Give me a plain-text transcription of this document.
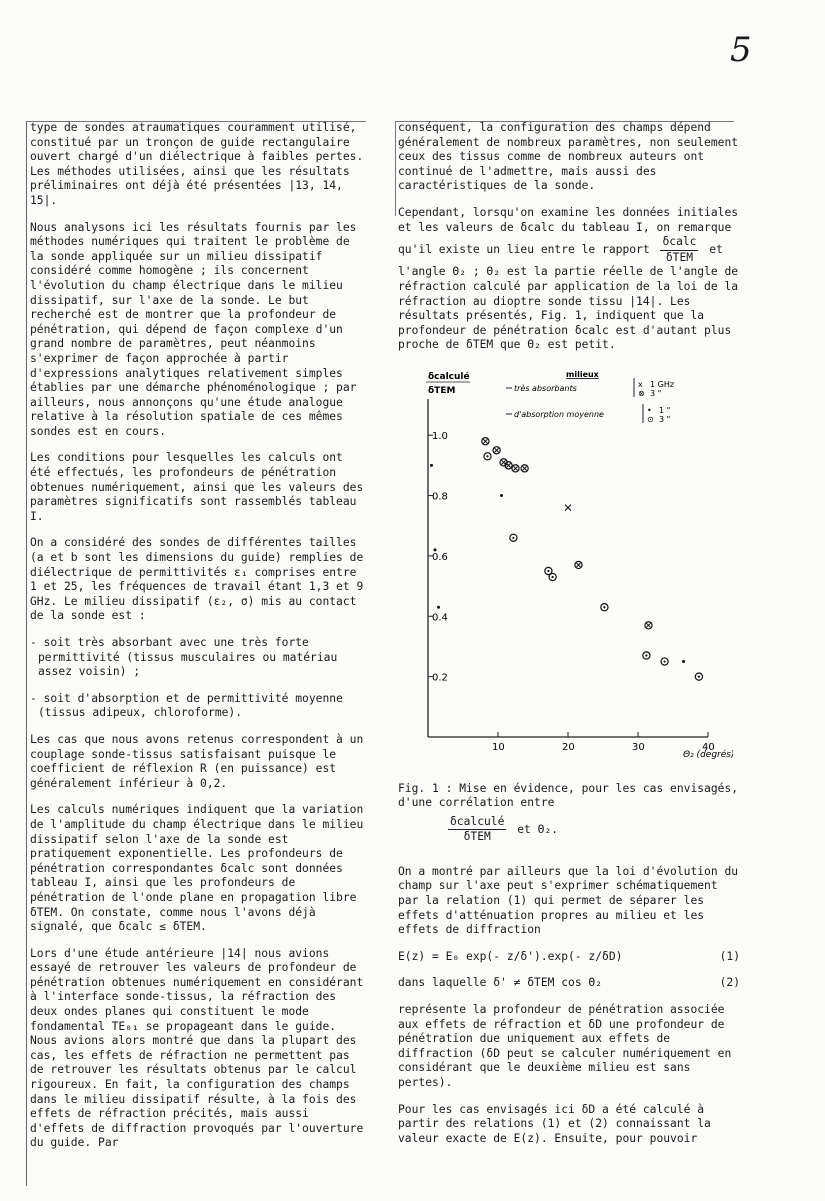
5

type de sondes atraumatiques couramment utilisé, constitué par un tronçon de guide rectangulaire ouvert chargé d'un diélectrique à faibles pertes. Les méthodes utilisées, ainsi que les résultats préliminaires ont déjà été présentées |13, 14, 15|.

Nous analysons ici les résultats fournis par les méthodes numériques qui traitent le problème de la sonde appliquée sur un milieu dissipatif considéré comme homogène ; ils concernent l'évolution du champ électrique dans le milieu dissipatif, sur l'axe de la sonde. Le but recherché est de montrer que la profondeur de pénétration, qui dépend de façon complexe d'un grand nombre de paramètres, peut néanmoins s'exprimer de façon approchée à partir d'expressions analytiques relativement simples établies par une démarche phénoménologique ; par ailleurs, nous annonçons qu'une étude analogue relative à la résolution spatiale de ces mêmes sondes est en cours.

Les conditions pour lesquelles les calculs ont été effectués, les profondeurs de pénétration obtenues numériquement, ainsi que les valeurs des paramètres significatifs sont rassemblés tableau I.

On a considéré des sondes de différentes tailles (a et b sont les dimensions du guide) remplies de diélectrique de permittivités ε₁ comprises entre 1 et 25, les fréquences de travail étant 1,3 et 9 GHz. Le milieu dissipatif (ε₂, σ) mis au contact de la sonde est :

- soit très absorbant avec une très forte permittivité (tissus musculaires ou matériau assez voisin) ;

- soit d'absorption et de permittivité moyenne (tissus adipeux, chloroforme).

Les cas que nous avons retenus correspondent à un couplage sonde-tissus satisfaisant puisque le coefficient de réflexion R (en puissance) est généralement inférieur à 0,2.

Les calculs numériques indiquent que la variation de l'amplitude du champ électrique dans le milieu dissipatif selon l'axe de la sonde est pratiquement exponentielle. Les profondeurs de pénétration correspondantes δcalc sont données tableau I, ainsi que les profondeurs de pénétration de l'onde plane en propagation libre δTEM. On constate, comme nous l'avons déjà signalé, que δcalc ≤ δTEM.

Lors d'une étude antérieure |14| nous avions essayé de retrouver les valeurs de profondeur de pénétration obtenues numériquement en considérant à l'interface sonde-tissus, la réfraction des deux ondes planes qui constituent le mode fondamental TE₀₁ se propageant dans le guide. Nous avions alors montré que dans la plupart des cas, les effets de réfraction ne permettent pas de retrouver les résultats obtenus par le calcul rigoureux. En fait, la configuration des champs dans le milieu dissipatif résulte, à la fois des effets de réfraction précités, mais aussi d'effets de diffraction provoqués par l'ouverture du guide. Par

conséquent, la configuration des champs dépend généralement de nombreux paramètres, non seulement ceux des tissus comme de nombreux auteurs ont continué de l'admettre, mais aussi des caractéristiques de la sonde.

Cependant, lorsqu'on examine les données initiales et les valeurs de δcalc du tableau I, on remarque qu'il existe un lieu entre le rapport $\frac{\text{δcalc}}{\text{δTEM}}$ et l'angle Θ₂ ; Θ₂ est la partie réelle de l'angle de réfraction calculé par application de la loi de la réfraction au dioptre sonde tissu |14|. Les résultats présentés, Fig. 1, indiquent que la profondeur de pénétration δcalc est d'autant plus proche de δTEM que Θ₂ est petit.

10	20	30	40
0.2
0.4
0.6
0.8
1.0
milieux
très absorbants	x
⊗
1 GHz
3 "
d'absorption moyenne	•
⊙
1 "
3 "
δcalculé
δTEM
Θ₂ (degrés)
Fig. 1 : Mise en évidence, pour les cas envisagés, d'une corrélation entre
$\frac{\text{δcalculé}}{\text{δTEM}}$ et Θ₂.

On a montré par ailleurs que la loi d'évolution du champ sur l'axe peut s'exprimer schématiquement par la relation (1) qui permet de séparer les effets d'atténuation propres au milieu et les effets de diffraction

E(z) = E₀ exp(- z/δ').exp(- z/δD)	(1)
dans laquelle δ' ≠ δTEM cos Θ₂	(2)

représente la profondeur de pénétration associée aux effets de réfraction et δD une profondeur de pénétration due uniquement aux effets de diffraction (δD peut se calculer numériquement en considérant que le deuxième milieu est sans pertes).

Pour les cas envisagés ici δD a été calculé à partir des relations (1) et (2) connaissant la valeur exacte de E(z). Ensuite, pour pouvoir
